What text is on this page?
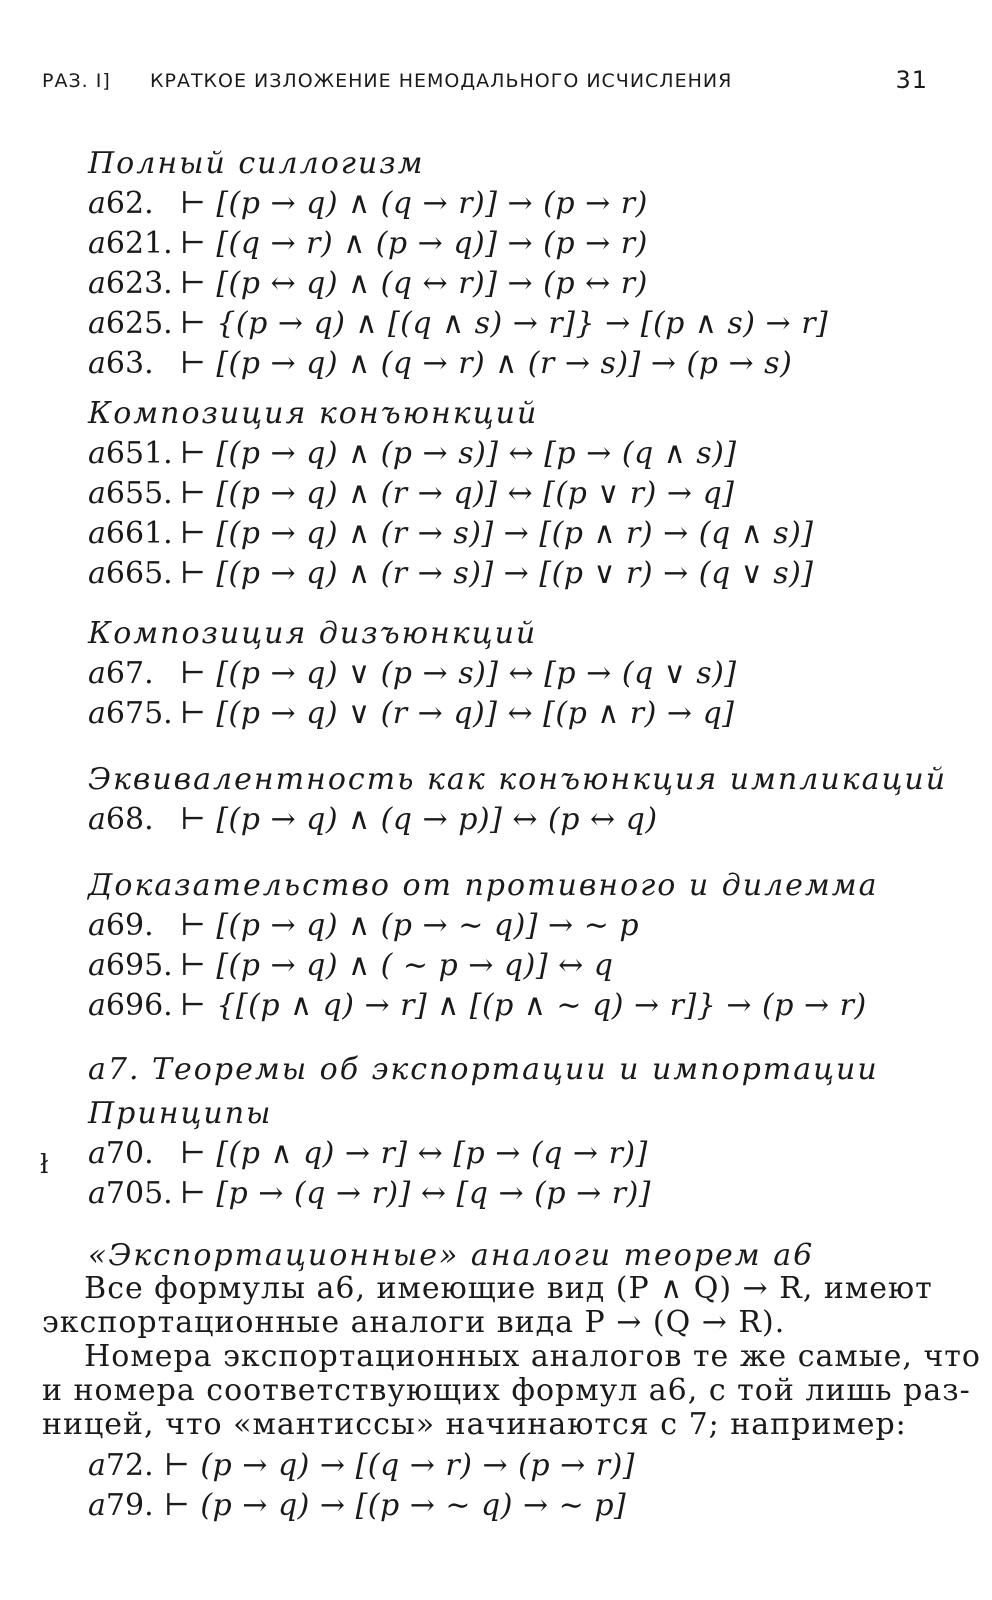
РАЗ. I] КРАТКОЕ ИЗЛОЖЕНИЕ НЕМОДАЛЬНОГО ИСЧИСЛЕНИЯ	31
Полный силлогизм
a62. ⊢ [(p → q) ∧ (q → r)] → (p → r)
a621. ⊢ [(q → r) ∧ (p → q)] → (p → r)
a623. ⊢ [(p ↔ q) ∧ (q ↔ r)] → (p ↔ r)
a625. ⊢ {(p → q) ∧ [(q ∧ s) → r]} → [(p ∧ s) → r]
a63. ⊢ [(p → q) ∧ (q → r) ∧ (r → s)] → (p → s)
Композиция конъюнкций
a651. ⊢ [(p → q) ∧ (p → s)] ↔ [p → (q ∧ s)]
a655. ⊢ [(p → q) ∧ (r → q)] ↔ [(p ∨ r) → q]
a661. ⊢ [(p → q) ∧ (r → s)] → [(p ∧ r) → (q ∧ s)]
a665. ⊢ [(p → q) ∧ (r → s)] → [(p ∨ r) → (q ∨ s)]
Композиция дизъюнкций
a67. ⊢ [(p → q) ∨ (p → s)] ↔ [p → (q ∨ s)]
a675. ⊢ [(p → q) ∨ (r → q)] ↔ [(p ∧ r) → q]
Эквивалентность как конъюнкция импликаций
a68. ⊢ [(p → q) ∧ (q → p)] ↔ (p ↔ q)
Доказательство от противного и дилемма
a69. ⊢ [(p → q) ∧ (p → ∼ q)] → ∼ p
a695. ⊢ [(p → q) ∧ ( ∼ p → q)] ↔ q
a696. ⊢ {[(p ∧ q) → r] ∧ [(p ∧ ∼ q) → r]} → (p → r)
a7. Теоремы об экспортации и импортации
Принципы
a70. ⊢ [(p ∧ q) → r] ↔ [p → (q → r)]
a705. ⊢ [p → (q → r)] ↔ [q → (p → r)]
ł
«Экспортационные» аналоги теорем a6
Все формулы a6, имеющие вид (P ∧ Q) → R, имеют
экспортационные аналоги вида P → (Q → R).
Номера экспортационных аналогов те же самые, что
и номера соответствующих формул a6, с той лишь раз-
ницей, что «мантиссы» начинаются с 7; например:
a72. ⊢ (p → q) → [(q → r) → (p → r)]
a79. ⊢ (p → q) → [(p → ∼ q) → ∼ p]
